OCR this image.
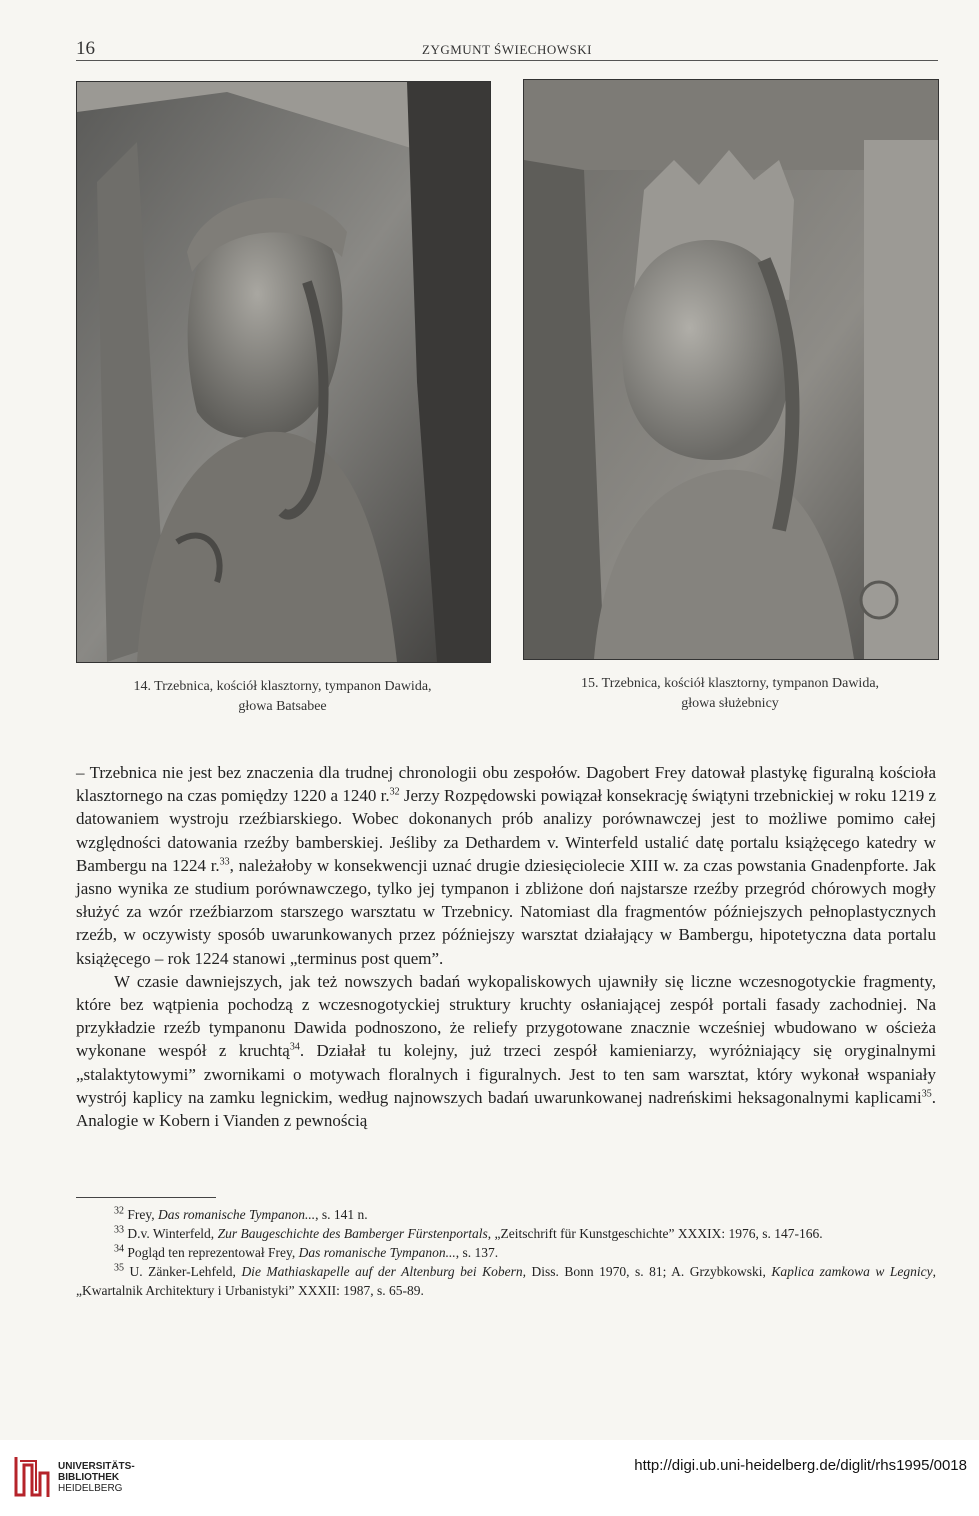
16	ZYGMUNT ŚWIECHOWSKI
14. Trzebnica, kościół klasztorny, tympanon Dawida,
głowa Batsabee
15. Trzebnica, kościół klasztorny, tympanon Dawida,
głowa służebnicy

– Trzebnica nie jest bez znaczenia dla trudnej chronologii obu zespołów. Dagobert Frey datował plastykę figuralną kościoła klasztornego na czas pomiędzy 1220 a 1240 r.$^{32}$ Jerzy Rozpędowski powiązał konsekrację świątyni trzebnickiej w roku 1219 z datowaniem wystroju rzeźbiarskiego. Wobec dokonanych prób analizy porównawczej jest to możliwe pomimo całej względności datowania rzeźby bamberskiej. Jeśliby za Dethardem v. Winterfeld ustalić datę portalu książęcego katedry w Bambergu na 1224 r.$^{33}$, należałoby w konsekwencji uznać drugie dziesięciolecie XIII w. za czas powstania Gnadenpforte. Jak jasno wynika ze studium porównawczego, tylko jej tympanon i zbliżone doń najstarsze rzeźby przegród chórowych mogły służyć za wzór rzeźbiarzom starszego warsztatu w Trzebnicy. Natomiast dla fragmentów późniejszych pełnoplastycznych rzeźb, w oczywisty sposób uwarunkowanych przez późniejszy warsztat działający w Bambergu, hipotetyczna data portalu książęcego – rok 1224 stanowi „terminus post quem”.

W czasie dawniejszych, jak też nowszych badań wykopaliskowych ujawniły się liczne wczesnogotyckie fragmenty, które bez wątpienia pochodzą z wczesnogotyckiej struktury kruchty osłaniającej zespół portali fasady zachodniej. Na przykładzie rzeźb tympanonu Dawida podnoszono, że reliefy przygotowane znacznie wcześniej wbudowano w ościeża wykonane wespół z kruchtą$^{34}$. Działał tu kolejny, już trzeci zespół kamieniarzy, wyróżniający się oryginalnymi „stalaktytowymi” zwornikami o motywach floralnych i figuralnych. Jest to ten sam warsztat, który wykonał wspaniały wystrój kaplicy na zamku legnickim, według najnowszych badań uwarunkowanej nadreńskimi heksagonalnymi kaplicami$^{35}$. Analogie w Kobern i Vianden z pewnością

$^{32}$ Frey, Das romanische Tympanon..., s. 141 n.

$^{33}$ D.v. Winterfeld, Zur Baugeschichte des Bamberger Fürstenportals, „Zeitschrift für Kunstgeschichte” XXXIX: 1976, s. 147-166.

$^{34}$ Pogląd ten reprezentował Frey, Das romanische Tympanon..., s. 137.

$^{35}$ U. Zänker-Lehfeld, Die Mathiaskapelle auf der Altenburg bei Kobern, Diss. Bonn 1970, s. 81; A. Grzybkowski, Kaplica zamkowa w Legnicy, „Kwartalnik Architektury i Urbanistyki” XXXII: 1987, s. 65-89.

UNIVERSITÄTS-
BIBLIOTHEK
HEIDELBERG
http://digi.ub.uni-heidelberg.de/diglit/rhs1995/0018
